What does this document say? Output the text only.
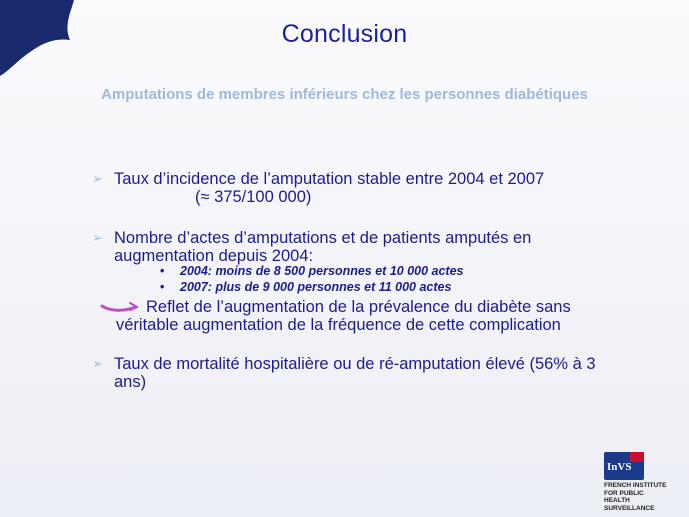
Conclusion
Amputations de membres inférieurs chez les personnes diabétiques
➢ Taux d’incidence de l’amputation stable entre 2004 et 2007
(≈ 375/100 000)
➢ Nombre d’actes d’amputations et de patients amputés en
augmentation depuis 2004:
• 2004: moins de 8 500 personnes et 10 000 actes
• 2007: plus de 9 000 personnes et 11 000 actes
Reflet de l’augmentation de la prévalence du diabète sans
véritable augmentation de la fréquence de cette complication
➢ Taux de mortalité hospitalière ou de ré-amputation élevé (56% à 3
ans)
InVS
FRENCH INSTITUTE
FOR PUBLIC HEALTH
SURVEILLANCE
